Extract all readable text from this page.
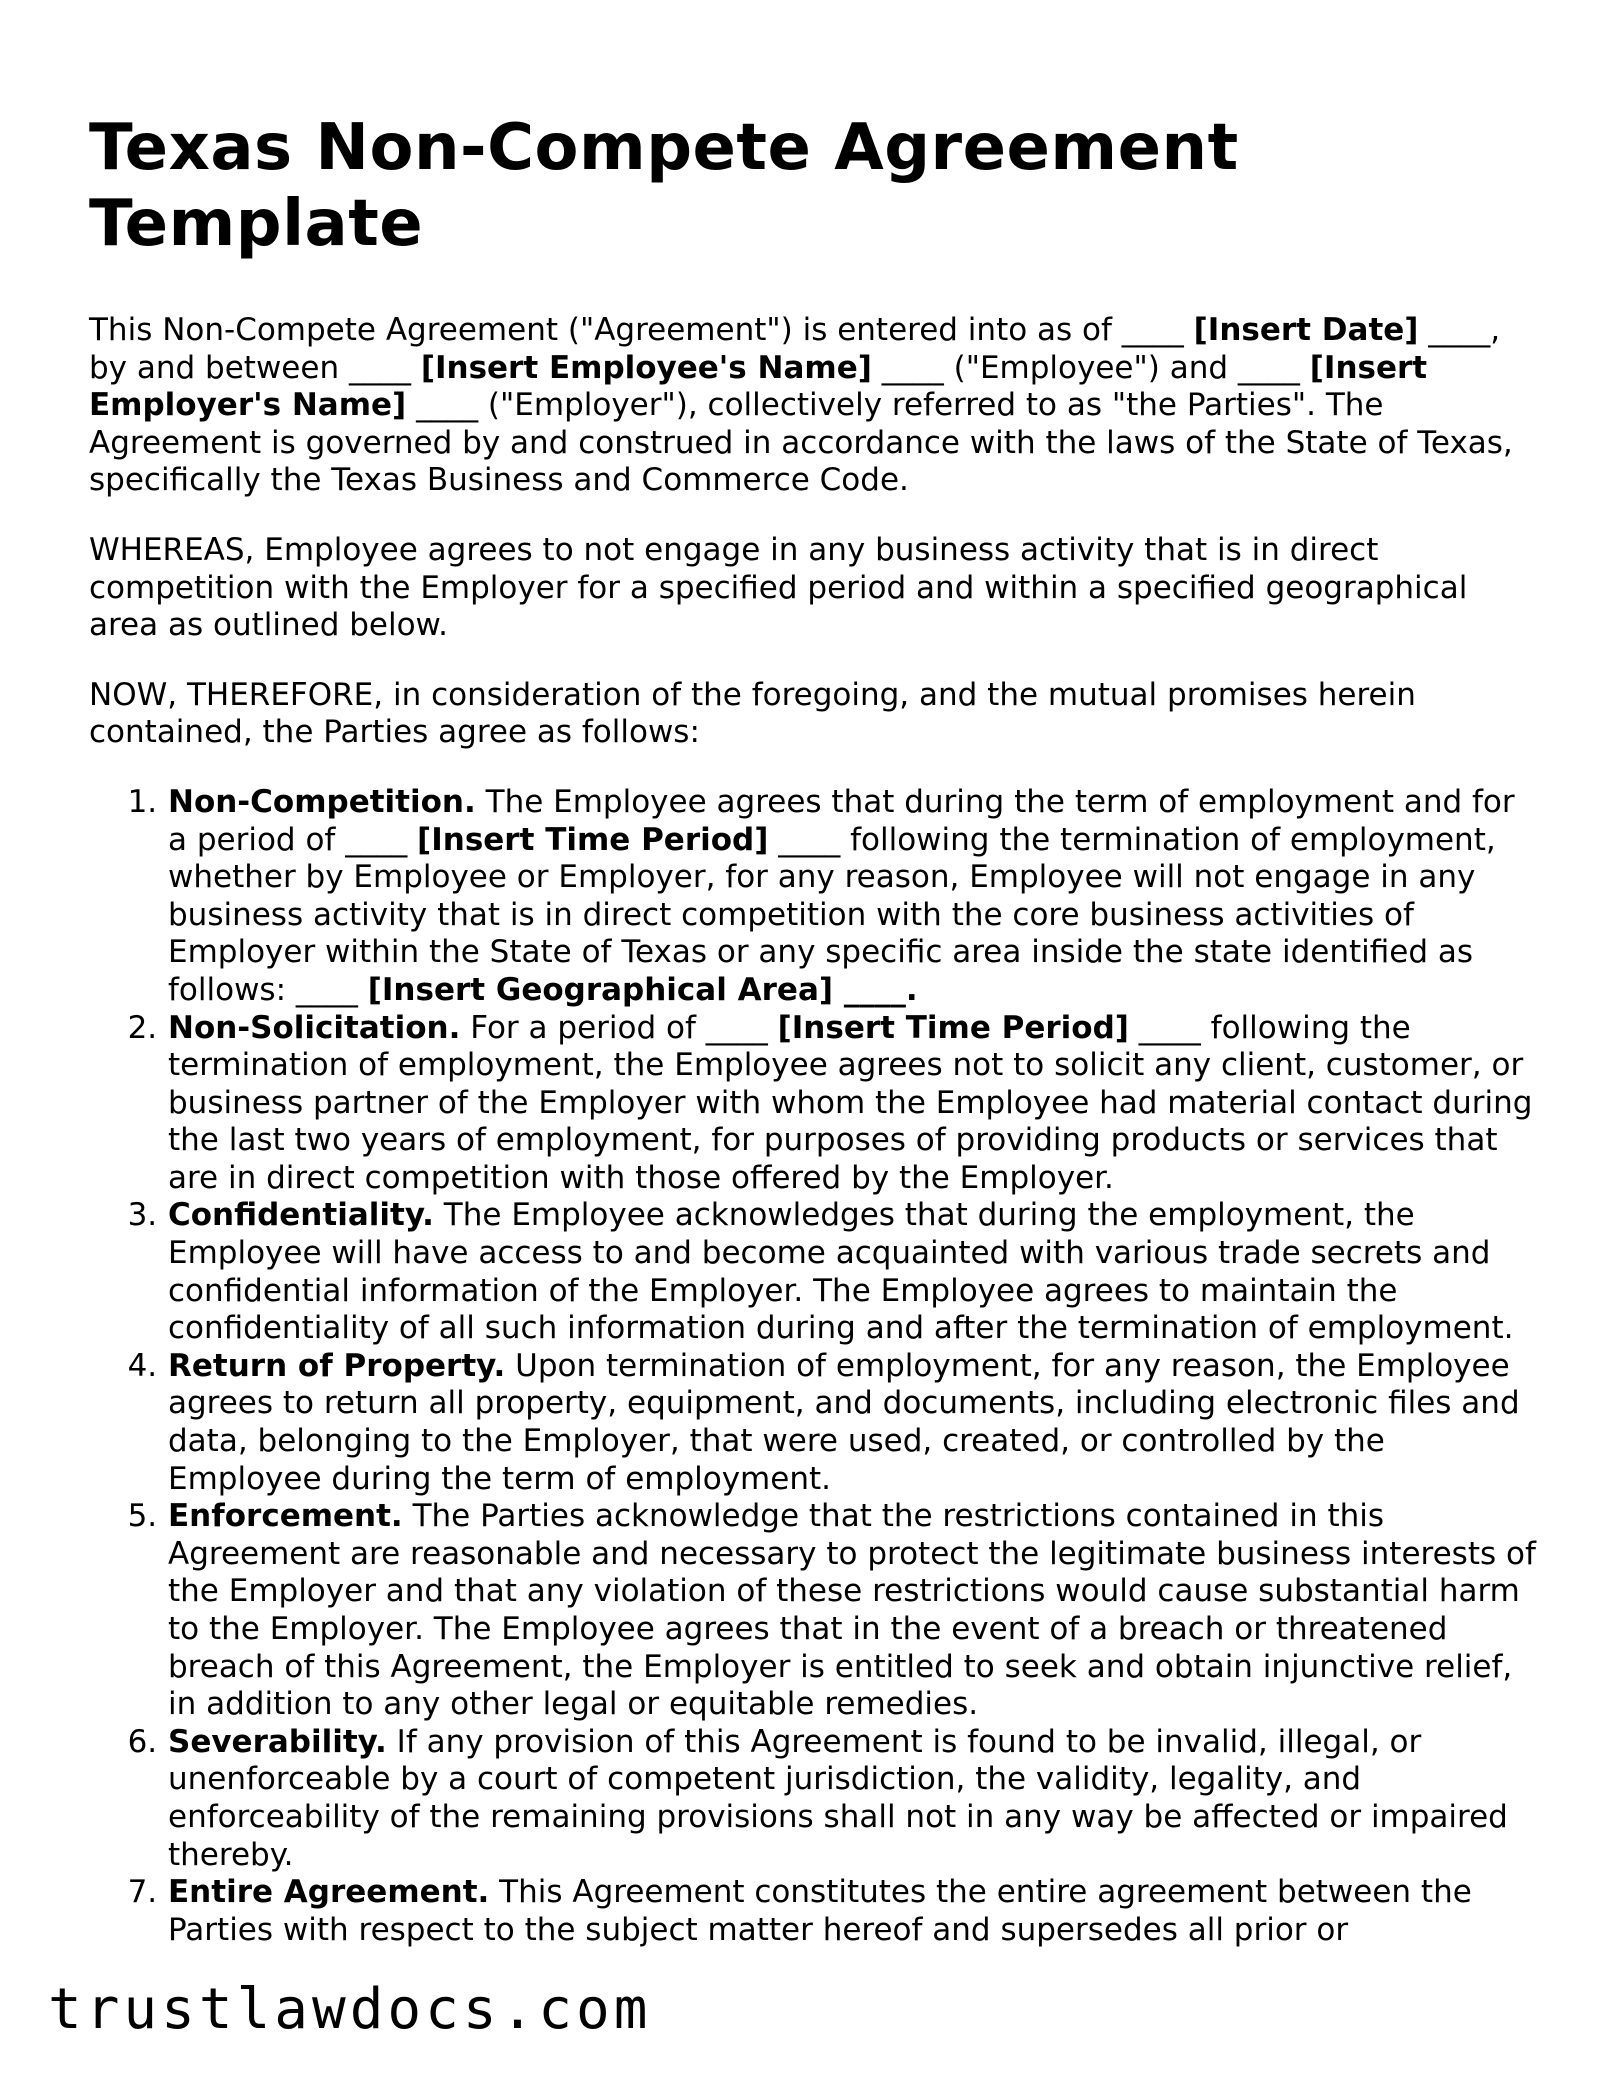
Texas Non-Compete Agreement Template

This Non-Compete Agreement ("Agreement") is entered into as of ____ [Insert Date] ____, by and between ____ [Insert Employee's Name] ____ ("Employee") and ____ [Insert Employer's Name] ____ ("Employer"), collectively referred to as "the Parties". The Agreement is governed by and construed in accordance with the laws of the State of Texas, specifically the Texas Business and Commerce Code.

WHEREAS, Employee agrees to not engage in any business activity that is in direct competition with the Employer for a specified period and within a specified geographical area as outlined below.

NOW, THEREFORE, in consideration of the foregoing, and the mutual promises herein contained, the Parties agree as follows:

1. Non-Competition. The Employee agrees that during the term of employment and for a period of ____ [Insert Time Period] ____ following the termination of employment, whether by Employee or Employer, for any reason, Employee will not engage in any business activity that is in direct competition with the core business activities of Employer within the State of Texas or any specific area inside the state identified as follows: ____ [Insert Geographical Area] ____.
2. Non-Solicitation. For a period of ____ [Insert Time Period] ____ following the termination of employment, the Employee agrees not to solicit any client, customer, or business partner of the Employer with whom the Employee had material contact during the last two years of employment, for purposes of providing products or services that are in direct competition with those offered by the Employer.
3. Confidentiality. The Employee acknowledges that during the employment, the Employee will have access to and become acquainted with various trade secrets and confidential information of the Employer. The Employee agrees to maintain the confidentiality of all such information during and after the termination of employment.
4. Return of Property. Upon termination of employment, for any reason, the Employee agrees to return all property, equipment, and documents, including electronic files and data, belonging to the Employer, that were used, created, or controlled by the Employee during the term of employment.
5. Enforcement. The Parties acknowledge that the restrictions contained in this Agreement are reasonable and necessary to protect the legitimate business interests of the Employer and that any violation of these restrictions would cause substantial harm to the Employer. The Employee agrees that in the event of a breach or threatened breach of this Agreement, the Employer is entitled to seek and obtain injunctive relief, in addition to any other legal or equitable remedies.
6. Severability. If any provision of this Agreement is found to be invalid, illegal, or unenforceable by a court of competent jurisdiction, the validity, legality, and enforceability of the remaining provisions shall not in any way be affected or impaired thereby.
7. Entire Agreement. This Agreement constitutes the entire agreement between the Parties with respect to the subject matter hereof and supersedes all prior or
trustlawdocs.com
